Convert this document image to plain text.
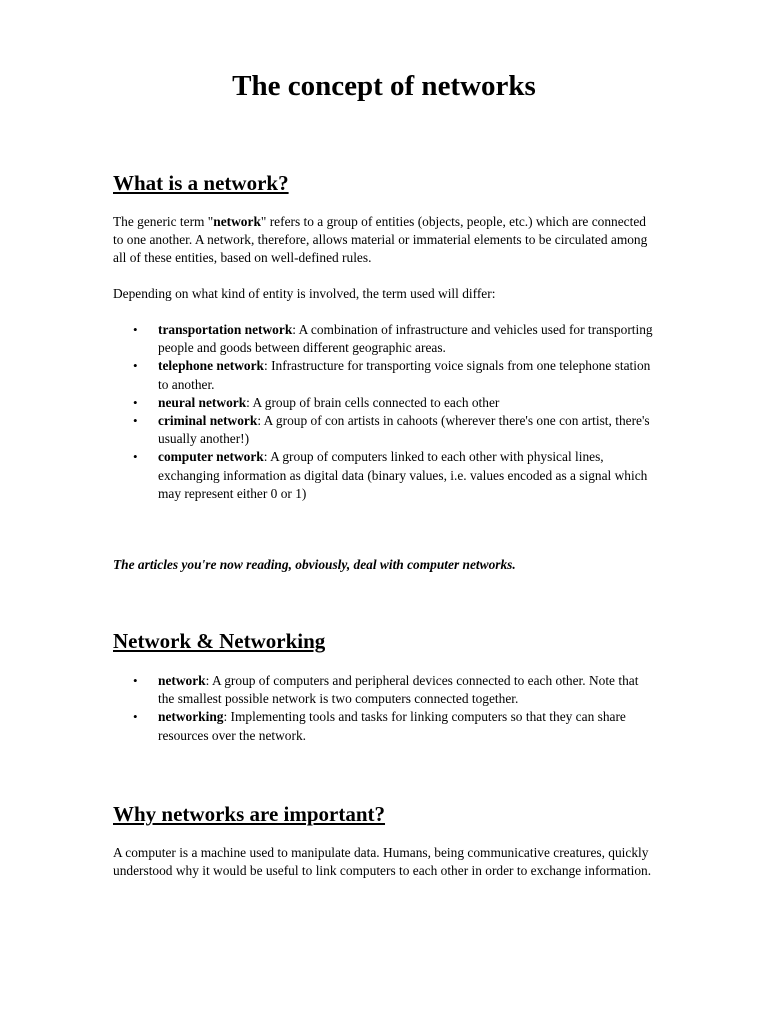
The concept of networks
What is a network?

The generic term "network" refers to a group of entities (objects, people, etc.) which are connected to one another. A network, therefore, allows material or immaterial elements to be circulated among all of these entities, based on well-defined rules.

Depending on what kind of entity is involved, the term used will differ:

• transportation network: A combination of infrastructure and vehicles used for transporting people and goods between different geographic areas.
• telephone network: Infrastructure for transporting voice signals from one telephone station to another.
• neural network: A group of brain cells connected to each other
• criminal network: A group of con artists in cahoots (wherever there's one con artist, there's usually another!)
• computer network: A group of computers linked to each other with physical lines, exchanging information as digital data (binary values, i.e. values encoded as a signal which may represent either 0 or 1)

The articles you're now reading, obviously, deal with computer networks.

Network & Networking
• network: A group of computers and peripheral devices connected to each other. Note that the smallest possible network is two computers connected together.
• networking: Implementing tools and tasks for linking computers so that they can share resources over the network.
Why networks are important?

A computer is a machine used to manipulate data. Humans, being communicative creatures, quickly understood why it would be useful to link computers to each other in order to exchange information.
